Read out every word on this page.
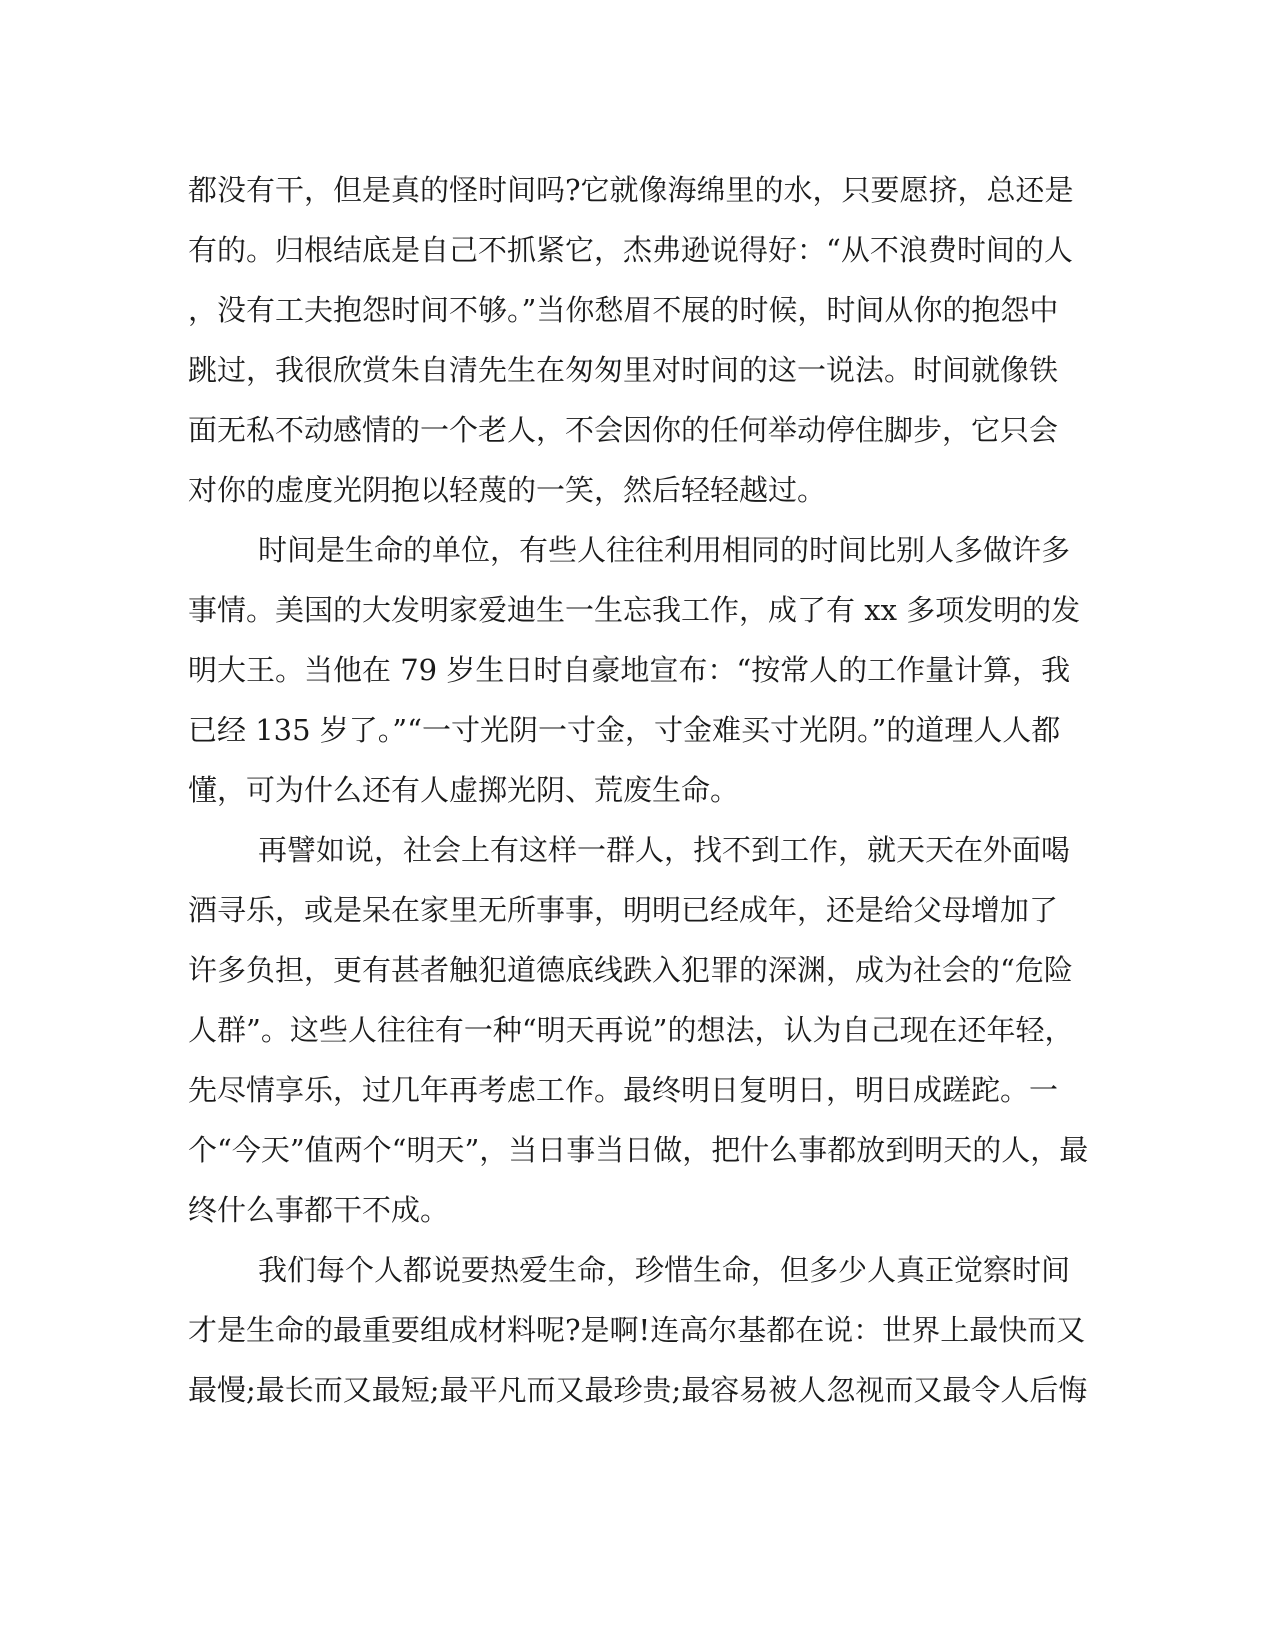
都没有干，但是真的怪时间吗?它就像海绵里的水，只要愿挤，总还是
有的。归根结底是自己不抓紧它，杰弗逊说得好：“从不浪费时间的人
，没有工夫抱怨时间不够。”当你愁眉不展的时候，时间从你的抱怨中
跳过，我很欣赏朱自清先生在匆匆里对时间的这一说法。时间就像铁
面无私不动感情的一个老人，不会因你的任何举动停住脚步，它只会
对你的虚度光阴抱以轻蔑的一笑，然后轻轻越过。
时间是生命的单位，有些人往往利用相同的时间比别人多做许多
事情。美国的大发明家爱迪生一生忘我工作，成了有 xx 多项发明的发
明大王。当他在 79 岁生日时自豪地宣布：“按常人的工作量计算，我
已经 135 岁了。”“一寸光阴一寸金，寸金难买寸光阴。”的道理人人都
懂，可为什么还有人虚掷光阴、荒废生命。
再譬如说，社会上有这样一群人，找不到工作，就天天在外面喝
酒寻乐，或是呆在家里无所事事，明明已经成年，还是给父母增加了
许多负担，更有甚者触犯道德底线跌入犯罪的深渊，成为社会的“危险
人群”。这些人往往有一种“明天再说”的想法，认为自己现在还年轻，
先尽情享乐，过几年再考虑工作。最终明日复明日，明日成蹉跎。一
个“今天”值两个“明天”，当日事当日做，把什么事都放到明天的人，最
终什么事都干不成。
我们每个人都说要热爱生命，珍惜生命，但多少人真正觉察时间
才是生命的最重要组成材料呢?是啊!连高尔基都在说：世界上最快而又
最慢;最长而又最短;最平凡而又最珍贵;最容易被人忽视而又最令人后悔
